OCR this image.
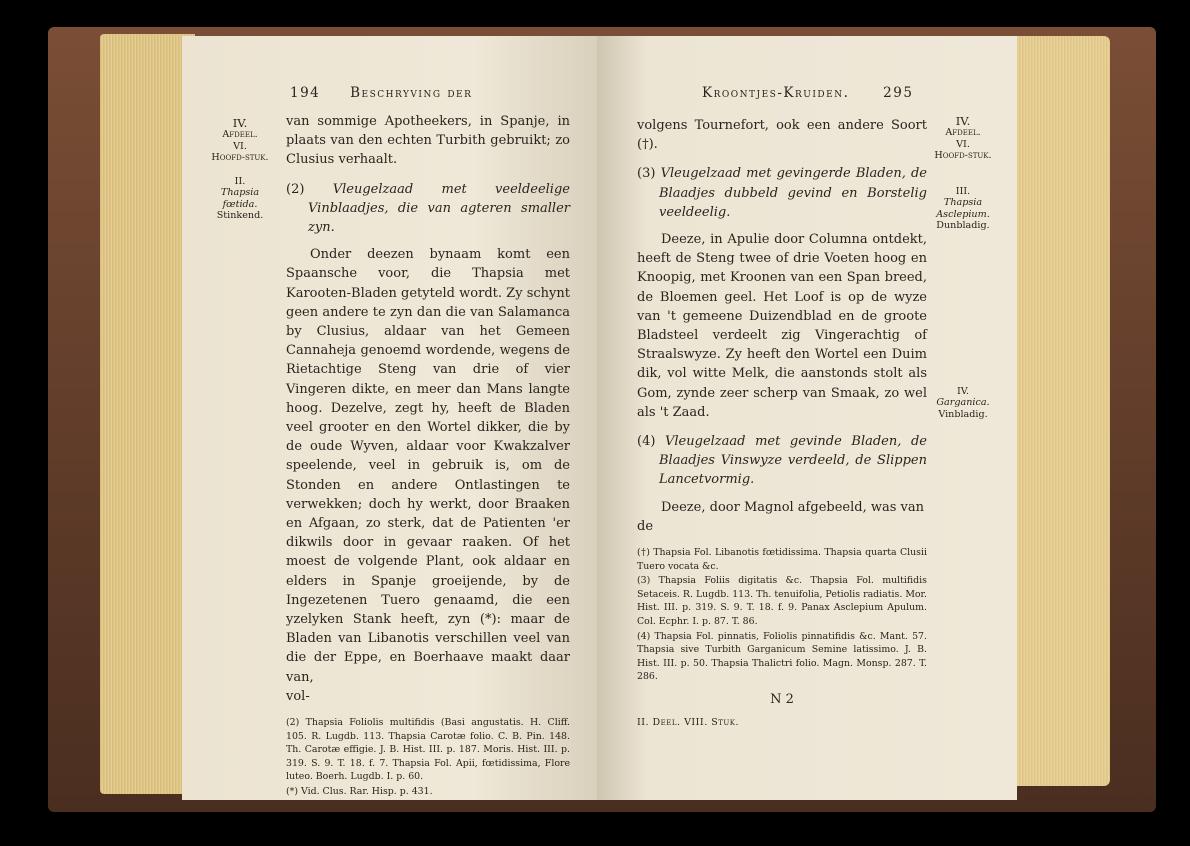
194 Beschryving der
IV.
Afdeel.
VI.
Hoofd-stuk.
II.
Thapsia fœtida.
Stinkend.

van sommige Apotheekers, in Spanje, in plaats van den echten Turbith gebruikt; zo Clusius verhaalt.

(2) Vleugelzaad met veeldeelige Vinblaadjes, die van agteren smaller zyn.

Onder deezen bynaam komt een Spaansche voor, die Thapsia met Karooten-Bladen getyteld wordt. Zy schynt geen andere te zyn dan die van Salamanca by Clusius, aldaar van het Gemeen Cannaheja genoemd wordende, wegens de Rietachtige Steng van drie of vier Vingeren dikte, en meer dan Mans langte hoog. Dezelve, zegt hy, heeft de Bladen veel grooter en den Wortel dikker, die by de oude Wyven, aldaar voor Kwakzalver speelende, veel in gebruik is, om de Stonden en andere Ontlastingen te verwekken; doch hy werkt, door Braaken en Afgaan, zo sterk, dat de Patienten 'er dikwils door in gevaar raaken. Of het moest de volgende Plant, ook aldaar en elders in Spanje groeijende, by de Ingezetenen Tuero genaamd, die een yzelyken Stank heeft, zyn (*): maar de Bladen van Libanotis verschillen veel van die der Eppe, en Boerhaave maakt daar van,

vol-

(2) Thapsia Foliolis multifidis (Basi angustatis. H. Cliff. 105. R. Lugdb. 113. Thapsia Carotæ folio. C. B. Pin. 148. Th. Carotæ effigie. J. B. Hist. III. p. 187. Moris. Hist. III. p. 319. S. 9. T. 18. f. 7. Thapsia Fol. Apii, fœtidissima, Flore luteo. Boerh. Lugdb. I. p. 60.

(*) Vid. Clus. Rar. Hisp. p. 431.

Kroontjes-Kruiden.	295
IV.
Afdeel.
VI.
Hoofd-stuk.
III.
Thapsia Asclepium.
Dunbladig.
IV.
Garganica.
Vinbladig.

volgens Tournefort, ook een andere Soort (†).

(3) Vleugelzaad met gevingerde Bladen, de Blaadjes dubbeld gevind en Borstelig veeldeelig.

Deeze, in Apulie door Columna ontdekt, heeft de Steng twee of drie Voeten hoog en Knoopig, met Kroonen van een Span breed, de Bloemen geel. Het Loof is op de wyze van 't gemeene Duizendblad en de groote Bladsteel verdeelt zig Vingerachtig of Straalswyze. Zy heeft den Wortel een Duim dik, vol witte Melk, die aanstonds stolt als Gom, zynde zeer scherp van Smaak, zo wel als 't Zaad.

(4) Vleugelzaad met gevinde Bladen, de Blaadjes Vinswyze verdeeld, de Slippen Lancetvormig.

Deeze, door Magnol afgebeeld, was van

de

(†) Thapsia Fol. Libanotis fœtidissima. Thapsia quarta Clusii Tuero vocata &c.

(3) Thapsia Foliis digitatis &c. Thapsia Fol. multifidis Setaceis. R. Lugdb. 113. Th. tenuifolia, Petiolis radiatis. Mor. Hist. III. p. 319. S. 9. T. 18. f. 9. Panax Asclepium Apulum. Col. Ecphr. I. p. 87. T. 86.

(4) Thapsia Fol. pinnatis, Foliolis pinnatifidis &c. Mant. 57. Thapsia sive Turbith Garganicum Semine latissimo. J. B. Hist. III. p. 50. Thapsia Thalictri folio. Magn. Monsp. 287. T. 286.

N 2
II. Deel. VIII. Stuk.
